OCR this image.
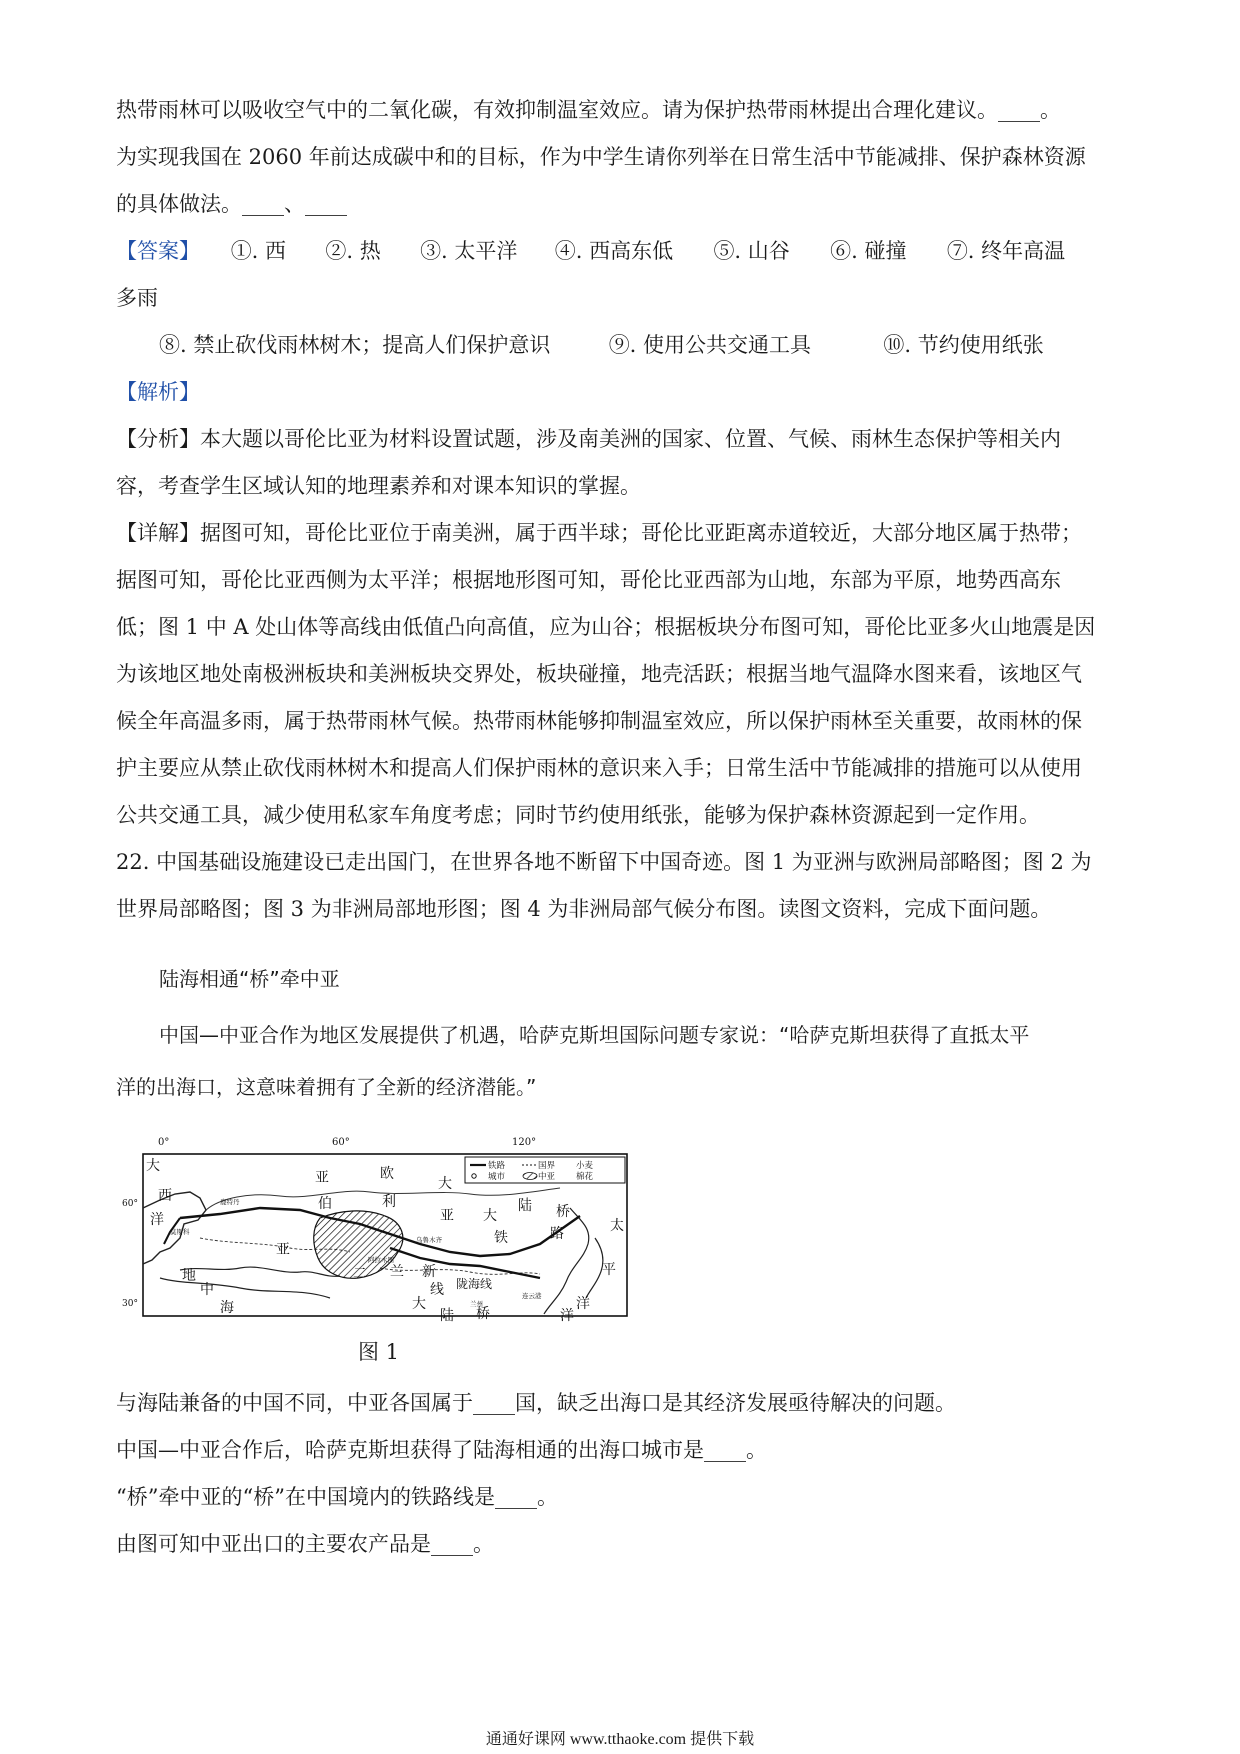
热带雨林可以吸收空气中的二氧化碳，有效抑制温室效应。请为保护热带雨林提出合理化建议。____。
为实现我国在 2060 年前达成碳中和的目标，作为中学生请你列举在日常生活中节能减排、保护森林资源
的具体做法。____、____
【答案】 ①. 西 ②. 热 ③. 太平洋 ④. 西高东低 ⑤. 山谷 ⑥. 碰撞 ⑦. 终年高温
多雨
⑧. 禁止砍伐雨林树木；提高人们保护意识	⑨. 使用公共交通工具	⑩. 节约使用纸张
【解析】
【分析】本大题以哥伦比亚为材料设置试题，涉及南美洲的国家、位置、气候、雨林生态保护等相关内
容，考查学生区域认知的地理素养和对课本知识的掌握。
【详解】据图可知，哥伦比亚位于南美洲，属于西半球；哥伦比亚距离赤道较近，大部分地区属于热带；
据图可知，哥伦比亚西侧为太平洋；根据地形图可知，哥伦比亚西部为山地，东部为平原，地势西高东
低；图 1 中 A 处山体等高线由低值凸向高值，应为山谷；根据板块分布图可知，哥伦比亚多火山地震是因
为该地区地处南极洲板块和美洲板块交界处，板块碰撞，地壳活跃；根据当地气温降水图来看，该地区气
候全年高温多雨，属于热带雨林气候。热带雨林能够抑制温室效应，所以保护雨林至关重要，故雨林的保
护主要应从禁止砍伐雨林树木和提高人们保护雨林的意识来入手；日常生活中节能减排的措施可以从使用
公共交通工具，减少使用私家车角度考虑；同时节约使用纸张，能够为保护森林资源起到一定作用。
22. 中国基础设施建设已走出国门，在世界各地不断留下中国奇迹。图 1 为亚洲与欧洲局部略图；图 2 为
世界局部略图；图 3 为非洲局部地形图；图 4 为非洲局部气候分布图。读图文资料，完成下面问题。
陆海相通“桥”牵中亚
中国—中亚合作为地区发展提供了机遇，哈萨克斯坦国际问题专家说：“哈萨克斯坦获得了直抵太平
洋的出海口，这意味着拥有了全新的经济潜能。”
0°	60°	120°
铁路	国界 小麦
城市	中亚 棉花
60°
30°
大
西
洋
亚	欧
大
伯	利
亚 大
陆 桥
铁	路	太
平
洋
地
中
海
亚
兰 新
线 陇海线
二
大
陆 桥	洋
鹿特丹
莫斯科
乌鲁木齐
兰州
连云港
阿拉木图
图 1
与海陆兼备的中国不同，中亚各国属于____国，缺乏出海口是其经济发展亟待解决的问题。
中国—中亚合作后，哈萨克斯坦获得了陆海相通的出海口城市是____。
“桥”牵中亚的“桥”在中国境内的铁路线是____。
由图可知中亚出口的主要农产品是____。
通通好课网 www.tthaoke.com 提供下载
